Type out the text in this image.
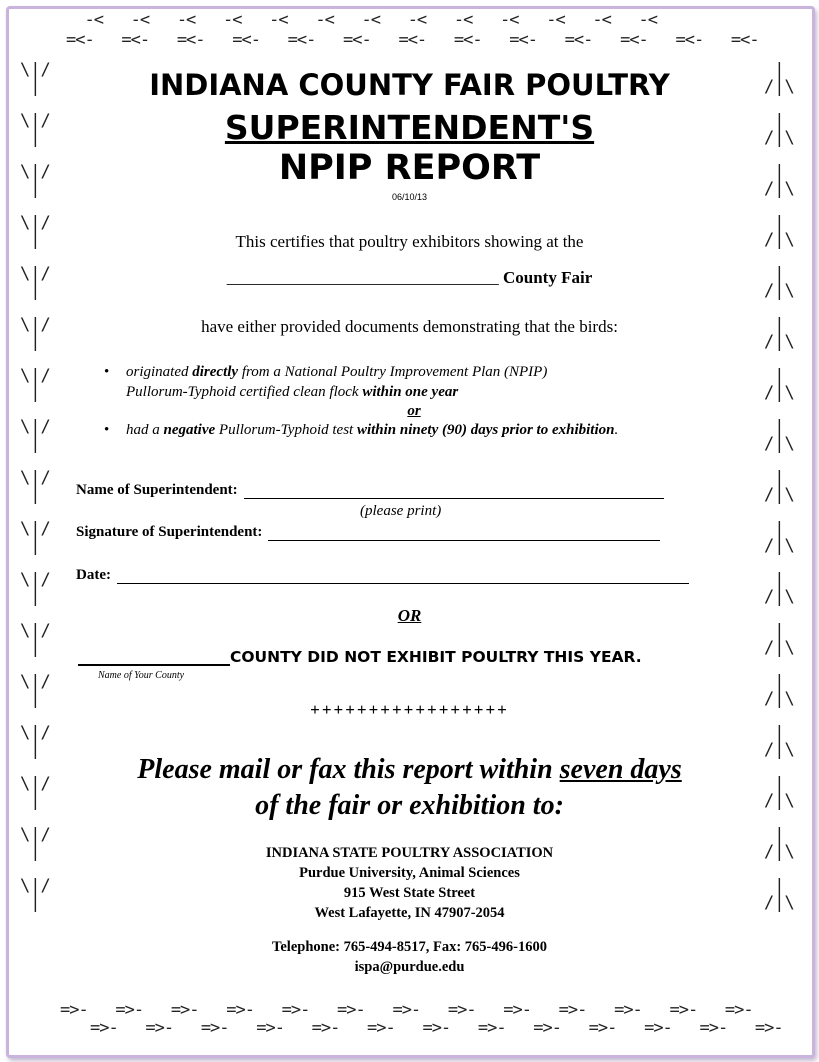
-<   -<   -<   -<   -<   -<   -<   -<   -<   -<   -<   -<   -<

=<-   =<-   =<-   =<-   =<-   =<-   =<-   =<-   =<-   =<-   =<-   =<-   =<-
=>-   =>-   =>-   =>-   =>-   =>-   =>-   =>-   =>-   =>-   =>-   =>-   =>-
=>-   =>-   =>-   =>-   =>-   =>-   =>-   =>-   =>-   =>-   =>-   =>-   =>-
\|/
|

\|/
|

\|/
|

\|/
|

\|/
|

\|/
|

\|/
|

\|/
|

\|/
|

\|/
|

\|/
|

\|/
|

\|/
|

\|/
|

\|/
|

\|/
|

\|/
|

|
/|\

|
/|\

|
/|\

|
/|\

|
/|\

|
/|\

|
/|\

|
/|\

|
/|\

|
/|\

|
/|\

|
/|\

|
/|\

|
/|\

|
/|\

|
/|\

|
/|\

INDIANA COUNTY FAIR POULTRY
SUPERINTENDENT'S
NPIP REPORT
06/10/13
This certifies that poultry exhibitors showing at the
________________________________ County Fair
have either provided documents demonstrating that the birds:
• originated directly from a National Poultry Improvement Plan (NPIP)
Pullorum-Typhoid certified clean flock within one year
or
• had a negative Pullorum-Typhoid test within ninety (90) days prior to exhibition.
Name of Superintendent:
(please print)
Signature of Superintendent:
Date:
OR
COUNTY DID NOT EXHIBIT POULTRY THIS YEAR.
Name of Your County
+++++++++++++++++
Please mail or fax this report within seven days
of the fair or exhibition to:
INDIANA STATE POULTRY ASSOCIATION
Purdue University, Animal Sciences
915 West State Street
West Lafayette, IN 47907-2054
Telephone: 765-494-8517, Fax: 765-496-1600
ispa@purdue.edu
